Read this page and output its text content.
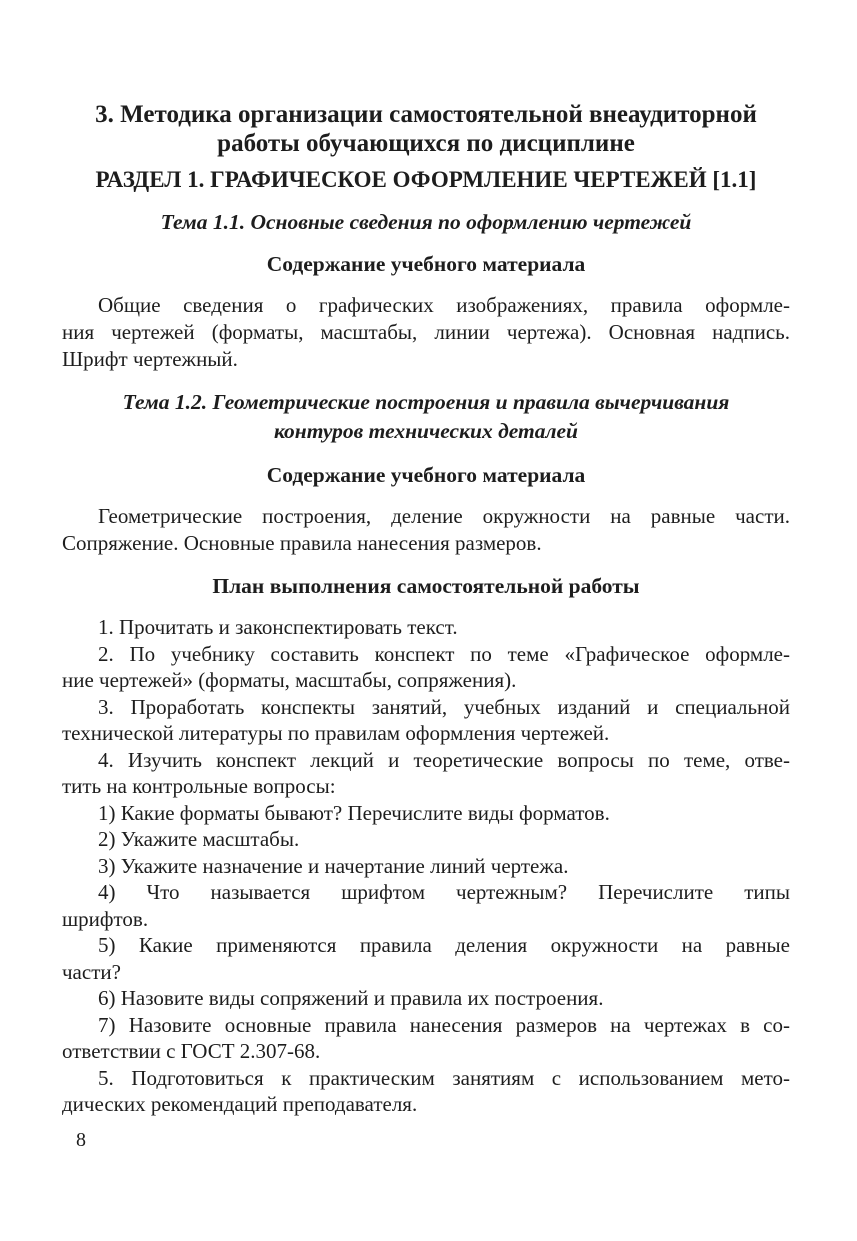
3. Методика организации самостоятельной внеаудиторной
работы обучающихся по дисциплине
РАЗДЕЛ 1. ГРАФИЧЕСКОЕ ОФОРМЛЕНИЕ ЧЕРТЕЖЕЙ [1.1]
Тема 1.1. Основные сведения по оформлению чертежей
Содержание учебного материала
Общие сведения о графических изображениях, правила оформле-
ния чертежей (форматы, масштабы, линии чертежа). Основная надпись.
Шрифт чертежный.
Тема 1.2. Геометрические построения и правила вычерчивания
контуров технических деталей
Содержание учебного материала
Геометрические построения, деление окружности на равные части.
Сопряжение. Основные правила нанесения размеров.
План выполнения самостоятельной работы
1. Прочитать и законспектировать текст.
2. По учебнику составить конспект по теме «Графическое оформле-
ние чертежей» (форматы, масштабы, сопряжения).
3. Проработать конспекты занятий, учебных изданий и специальной
технической литературы по правилам оформления чертежей.
4. Изучить конспект лекций и теоретические вопросы по теме, отве-
тить на контрольные вопросы:
1) Какие форматы бывают? Перечислите виды форматов.
2) Укажите масштабы.
3) Укажите назначение и начертание линий чертежа.
4) Что называется шрифтом чертежным? Перечислите типы
шрифтов.
5) Какие применяются правила деления окружности на равные
части?
6) Назовите виды сопряжений и правила их построения.
7) Назовите основные правила нанесения размеров на чертежах в со-
ответствии с ГОСТ 2.307-68.
5. Подготовиться к практическим занятиям с использованием мето-
дических рекомендаций преподавателя.
8
